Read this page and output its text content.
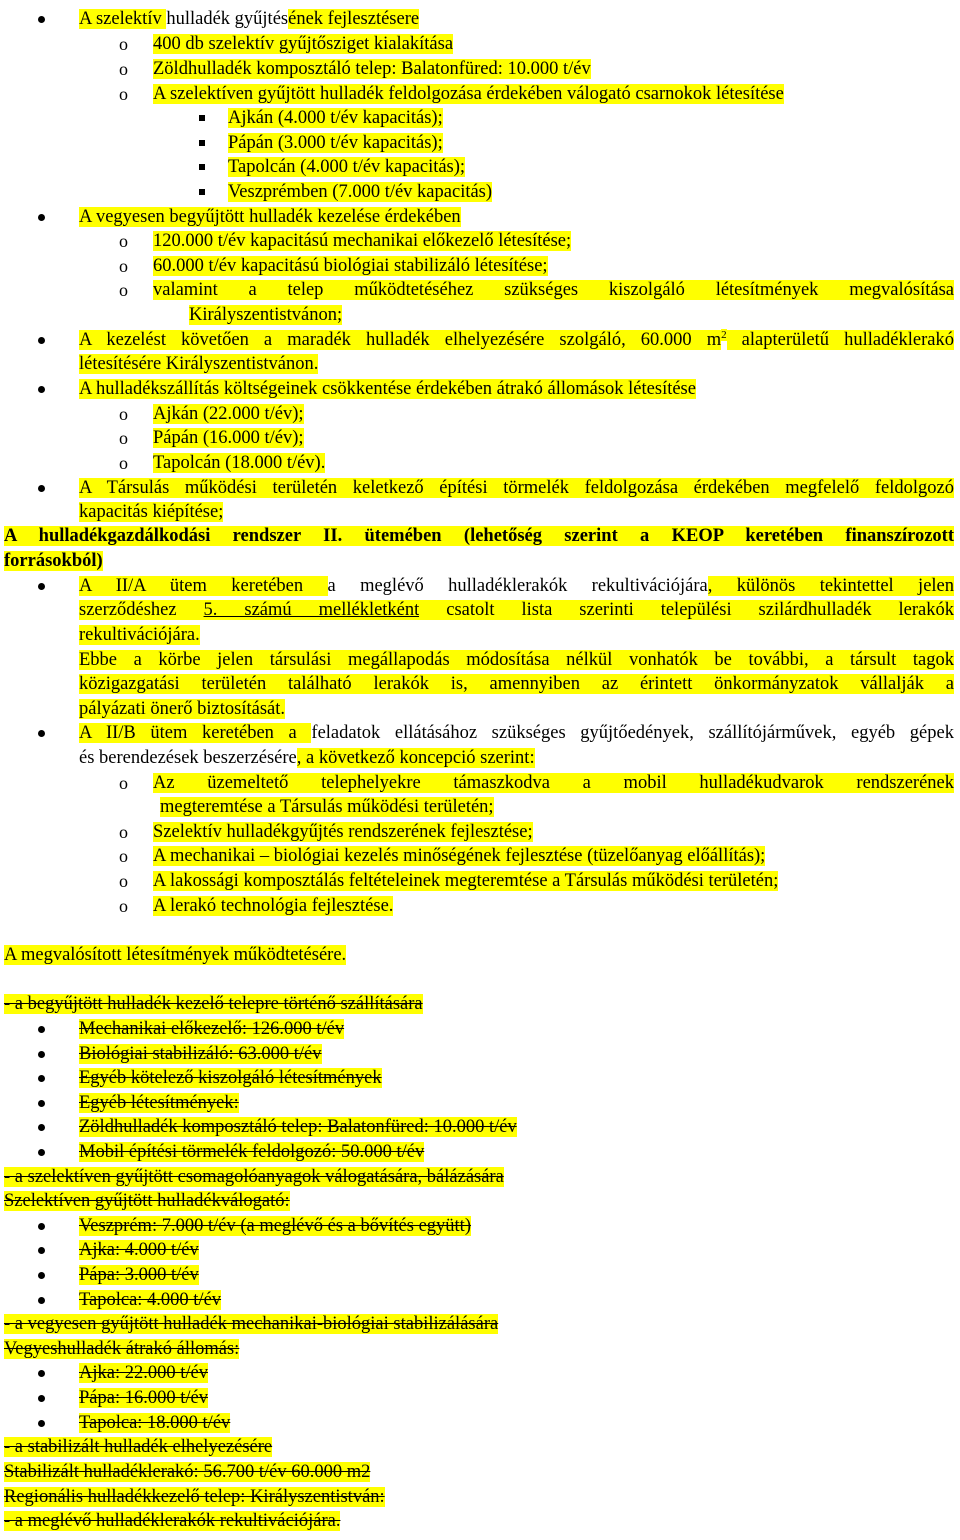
A szelektív hulladék gyűjtésének fejlesztésere
o 400 db szelektív gyűjtősziget kialakítása
o Zöldhulladék komposztáló telep: Balatonfüred: 10.000 t/év
o A szelektíven gyűjtött hulladék feldolgozása érdekében válogató csarnokok létesítése
Ajkán (4.000 t/év kapacitás);
Pápán (3.000 t/év kapacitás);
Tapolcán (4.000 t/év kapacitás);
Veszprémben (7.000 t/év kapacitás)
A vegyesen begyűjtött hulladék kezelése érdekében
o 120.000 t/év kapacitású mechanikai előkezelő létesítése;
o 60.000 t/év kapacitású biológiai stabilizáló létesítése;
o valamint a telep működtetéséhez szükséges kiszolgáló létesítmények megvalósítása
Királyszentistvánon;
A kezelést követően a maradék hulladék elhelyezésére szolgáló, 60.000 $m^2$ alapterületű hulladéklerakó
létesítésére Királyszentistvánon.
A hulladékszállítás költségeinek csökkentése érdekében átrakó állomások létesítése
o Ajkán (22.000 t/év);
o Pápán (16.000 t/év);
o Tapolcán (18.000 t/év).
A Társulás működési területén keletkező építési törmelék feldolgozása érdekében megfelelő feldolgozó
kapacitás kiépítése;
A hulladékgazdálkodási rendszer II. ütemében (lehetőség szerint a KEOP keretében finanszírozott
forrásokból)
A II/A ütem keretében a meglévő hulladéklerakók rekultivációjára, különös tekintettel jelen
szerződéshez 5. számú mellékletként csatolt lista szerinti települési szilárdhulladék lerakók
rekultivációjára.
Ebbe a körbe jelen társulási megállapodás módosítása nélkül vonhatók be további, a társult tagok
közigazgatási területén található lerakók is, amennyiben az érintett önkormányzatok vállalják a
pályázati önerő biztosítását.
A II/B ütem keretében a feladatok ellátásához szükséges gyűjtőedények, szállítójárművek, egyéb gépek
és berendezések beszerzésére, a következő koncepció szerint:
o Az üzemeltető telephelyekre támaszkodva a mobil hulladékudvarok rendszerének
megteremtése a Társulás működési területén;
o Szelektív hulladékgyűjtés rendszerének fejlesztése;
o A mechanikai – biológiai kezelés minőségének fejlesztése (tüzelőanyag előállítás);
o A lakossági komposztálás feltételeinek megteremtése a Társulás működési területén;
o A lerakó technológia fejlesztése.
A megvalósított létesítmények működtetésére.
- a begyűjtött hulladék kezelő telepre történő szállítására
Mechanikai előkezelő: 126.000 t/év
Biológiai stabilizáló: 63.000 t/év
Egyéb kötelező kiszolgáló létesítmények
Egyéb létesítmények:
Zöldhulladék komposztáló telep: Balatonfüred: 10.000 t/év
Mobil építési törmelék feldolgozó: 50.000 t/év
- a szelektíven gyűjtött csomagolóanyagok válogatására, bálázására
Szelektíven gyűjtött hulladékválogató:
Veszprém: 7.000 t/év (a meglévő és a bővítés együtt)
Ajka: 4.000 t/év
Pápa: 3.000 t/év
Tapolca: 4.000 t/év
- a vegyesen gyűjtött hulladék mechanikai-biológiai stabilizálására
Vegyeshulladék átrakó állomás:
Ajka: 22.000 t/év
Pápa: 16.000 t/év
Tapolca: 18.000 t/év
- a stabilizált hulladék elhelyezésére
Stabilizált hulladéklerakó: 56.700 t/év 60.000 m2
Regionális hulladékkezelő telep: Királyszentistván:
- a meglévő hulladéklerakók rekultivációjára.
